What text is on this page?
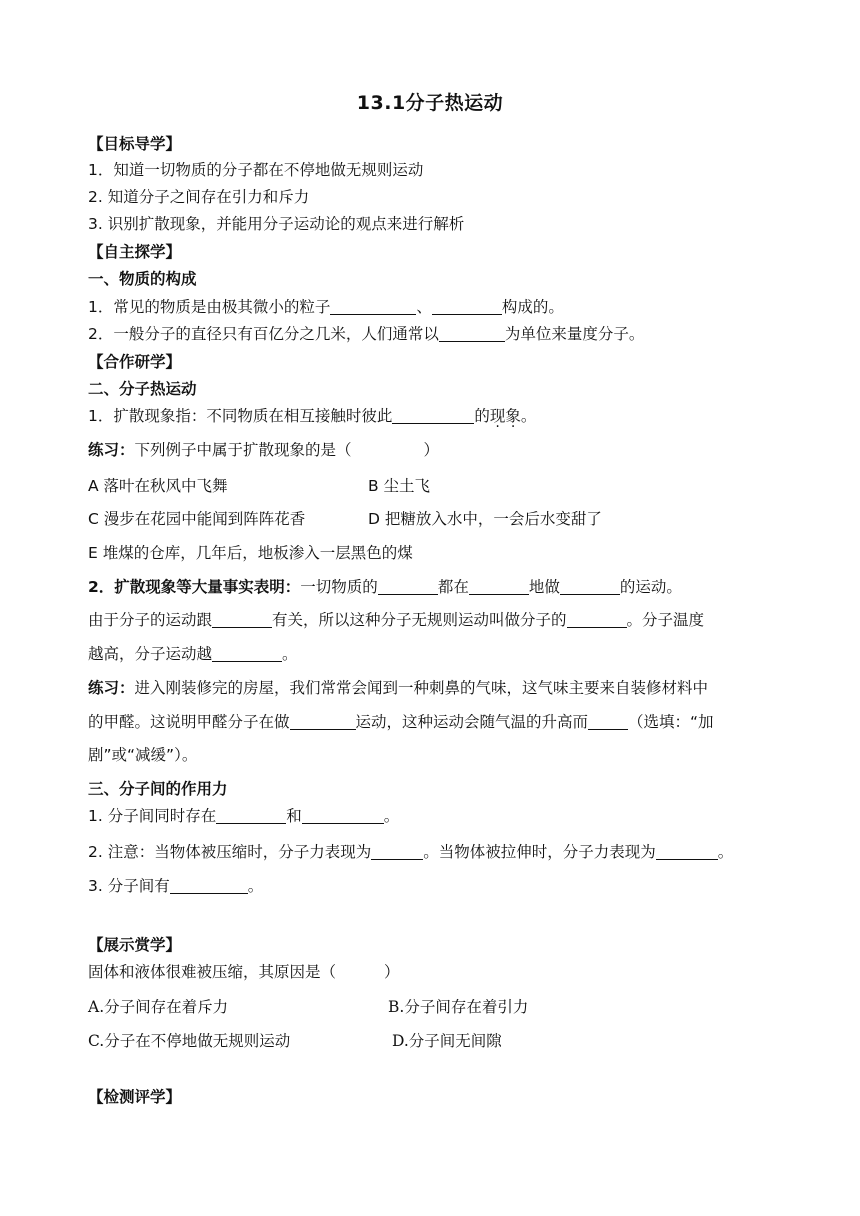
13.1分子热运动
【目标导学】
1．知道一切物质的分子都在不停地做无规则运动
2. 知道分子之间存在引力和斥力
3. 识别扩散现象，并能用分子运动论的观点来进行解析
【自主探学】
一、物质的构成
1．常见的物质是由极其微小的粒子	、	构成的。
2．一般分子的直径只有百亿分之几米，人们通常以	为单位来量度分子。
【合作研学】
二、分子热运动
1．扩散现象指：不同物质在相互接触时彼此	的现象。
练习：下列例子中属于扩散现象的是（	）
A 落叶在秋风中飞舞	B 尘土飞
C 漫步在花园中能闻到阵阵花香	D 把糖放入水中，一会后水变甜了
E 堆煤的仓库，几年后，地板渗入一层黑色的煤
2．扩散现象等大量事实表明：一切物质的	都在	地做	的运动。
由于分子的运动跟	有关，所以这种分子无规则运动叫做分子的	。分子温度
越高，分子运动越	。
练习：进入刚装修完的房屋，我们常常会闻到一种刺鼻的气味，这气味主要来自装修材料中
的甲醛。这说明甲醛分子在做	运动，这种运动会随气温的升高而	（选填：“加
剧”或“减缓”）。
三、分子间的作用力
1. 分子间同时存在	和	。
2. 注意：当物体被压缩时，分子力表现为	。当物体被拉伸时，分子力表现为	。
3. 分子间有	。
【展示赏学】
固体和液体很难被压缩，其原因是（	）
A.分子间存在着斥力	B.分子间存在着引力
C.分子在不停地做无规则运动	D.分子间无间隙
【检测评学】
